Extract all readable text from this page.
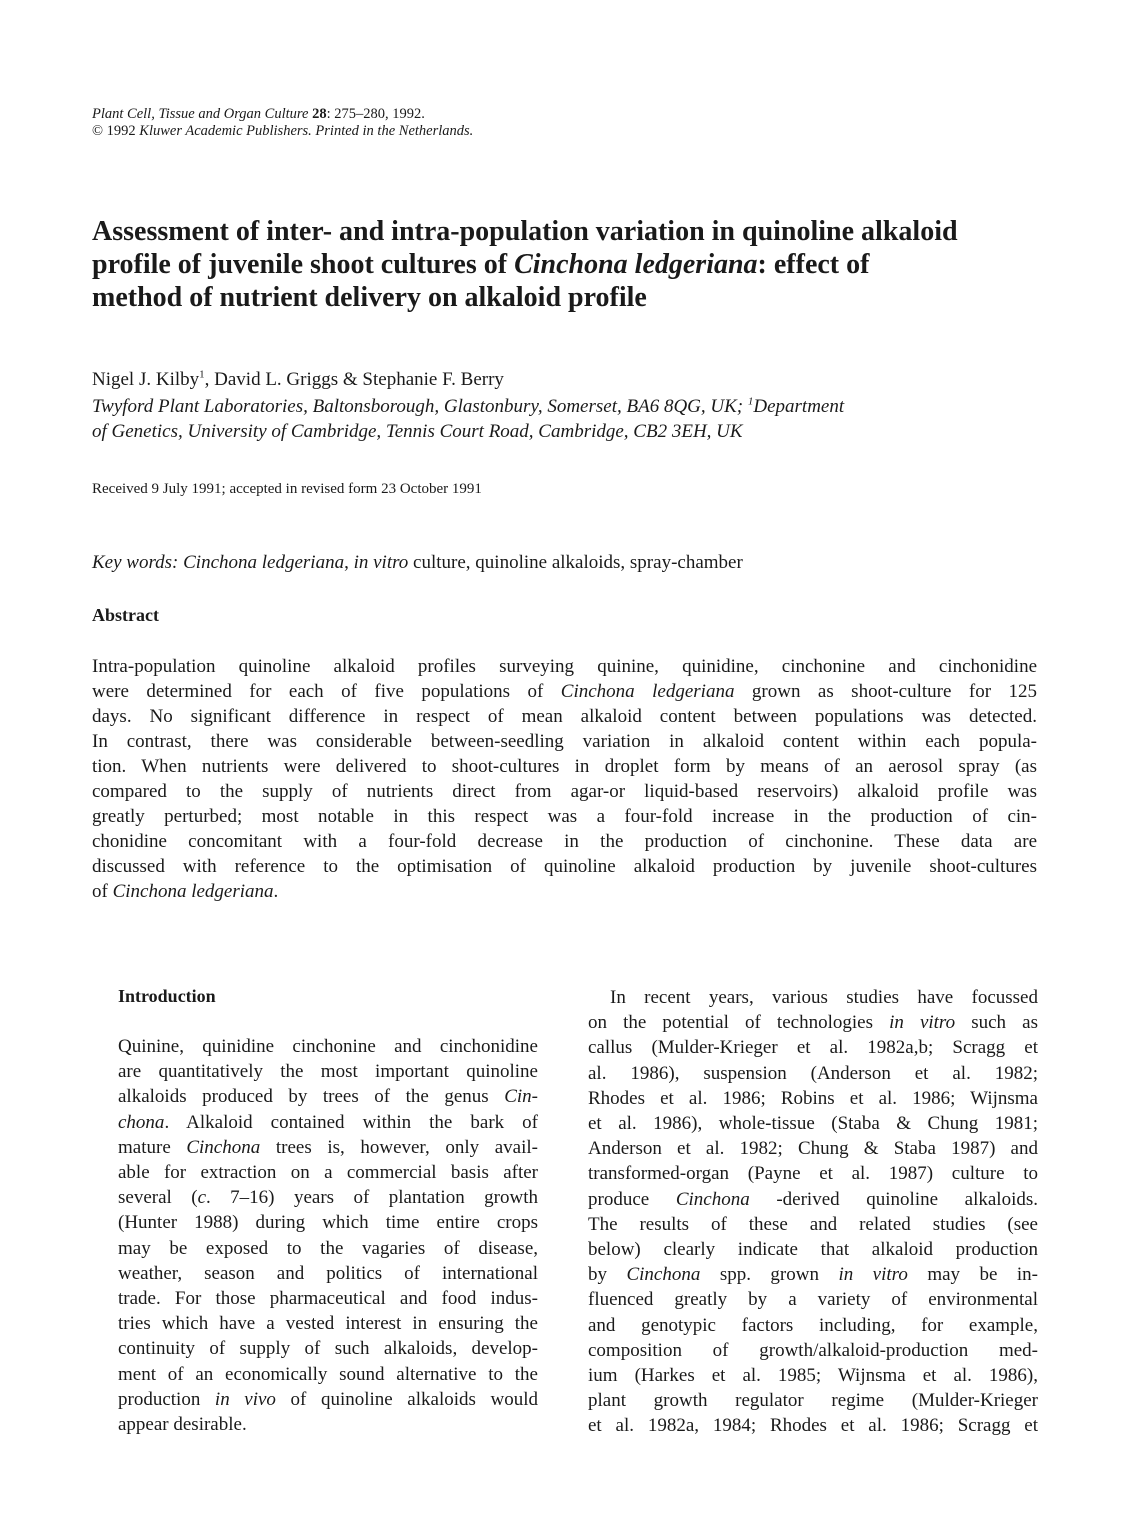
Plant Cell, Tissue and Organ Culture 28: 275–280, 1992.
© 1992 Kluwer Academic Publishers. Printed in the Netherlands.
Assessment of inter- and intra-population variation in quinoline alkaloid
profile of juvenile shoot cultures of Cinchona ledgeriana: effect of
method of nutrient delivery on alkaloid profile
Nigel J. Kilby$^1$, David L. Griggs & Stephanie F. Berry
Twyford Plant Laboratories, Baltonsborough, Glastonbury, Somerset, BA6 8QG, UK; $^1$Department
of Genetics, University of Cambridge, Tennis Court Road, Cambridge, CB2 3EH, UK
Received 9 July 1991; accepted in revised form 23 October 1991
Key words: Cinchona ledgeriana, in vitro culture, quinoline alkaloids, spray-chamber
Abstract
Intra-population quinoline alkaloid profiles surveying quinine, quinidine, cinchonine and cinchonidine
were determined for each of five populations of Cinchona ledgeriana grown as shoot-culture for 125
days. No significant difference in respect of mean alkaloid content between populations was detected.
In contrast, there was considerable between-seedling variation in alkaloid content within each popula-
tion. When nutrients were delivered to shoot-cultures in droplet form by means of an aerosol spray (as
compared to the supply of nutrients direct from agar-or liquid-based reservoirs) alkaloid profile was
greatly perturbed; most notable in this respect was a four-fold increase in the production of cin-
chonidine concomitant with a four-fold decrease in the production of cinchonine. These data are
discussed with reference to the optimisation of quinoline alkaloid production by juvenile shoot-cultures
of Cinchona ledgeriana.
Introduction
Quinine, quinidine cinchonine and cinchonidine
are quantitatively the most important quinoline
alkaloids produced by trees of the genus Cin-
chona. Alkaloid contained within the bark of
mature Cinchona trees is, however, only avail-
able for extraction on a commercial basis after
several (c. 7–16) years of plantation growth
(Hunter 1988) during which time entire crops
may be exposed to the vagaries of disease,
weather, season and politics of international
trade. For those pharmaceutical and food indus-
tries which have a vested interest in ensuring the
continuity of supply of such alkaloids, develop-
ment of an economically sound alternative to the
production in vivo of quinoline alkaloids would
appear desirable.
In recent years, various studies have focussed
on the potential of technologies in vitro such as
callus (Mulder-Krieger et al. 1982a,b; Scragg et
al. 1986), suspension (Anderson et al. 1982;
Rhodes et al. 1986; Robins et al. 1986; Wijnsma
et al. 1986), whole-tissue (Staba & Chung 1981;
Anderson et al. 1982; Chung & Staba 1987) and
transformed-organ (Payne et al. 1987) culture to
produce Cinchona -derived quinoline alkaloids.
The results of these and related studies (see
below) clearly indicate that alkaloid production
by Cinchona spp. grown in vitro may be in-
fluenced greatly by a variety of environmental
and genotypic factors including, for example,
composition of growth/alkaloid-production med-
ium (Harkes et al. 1985; Wijnsma et al. 1986),
plant growth regulator regime (Mulder-Krieger
et al. 1982a, 1984; Rhodes et al. 1986; Scragg et
